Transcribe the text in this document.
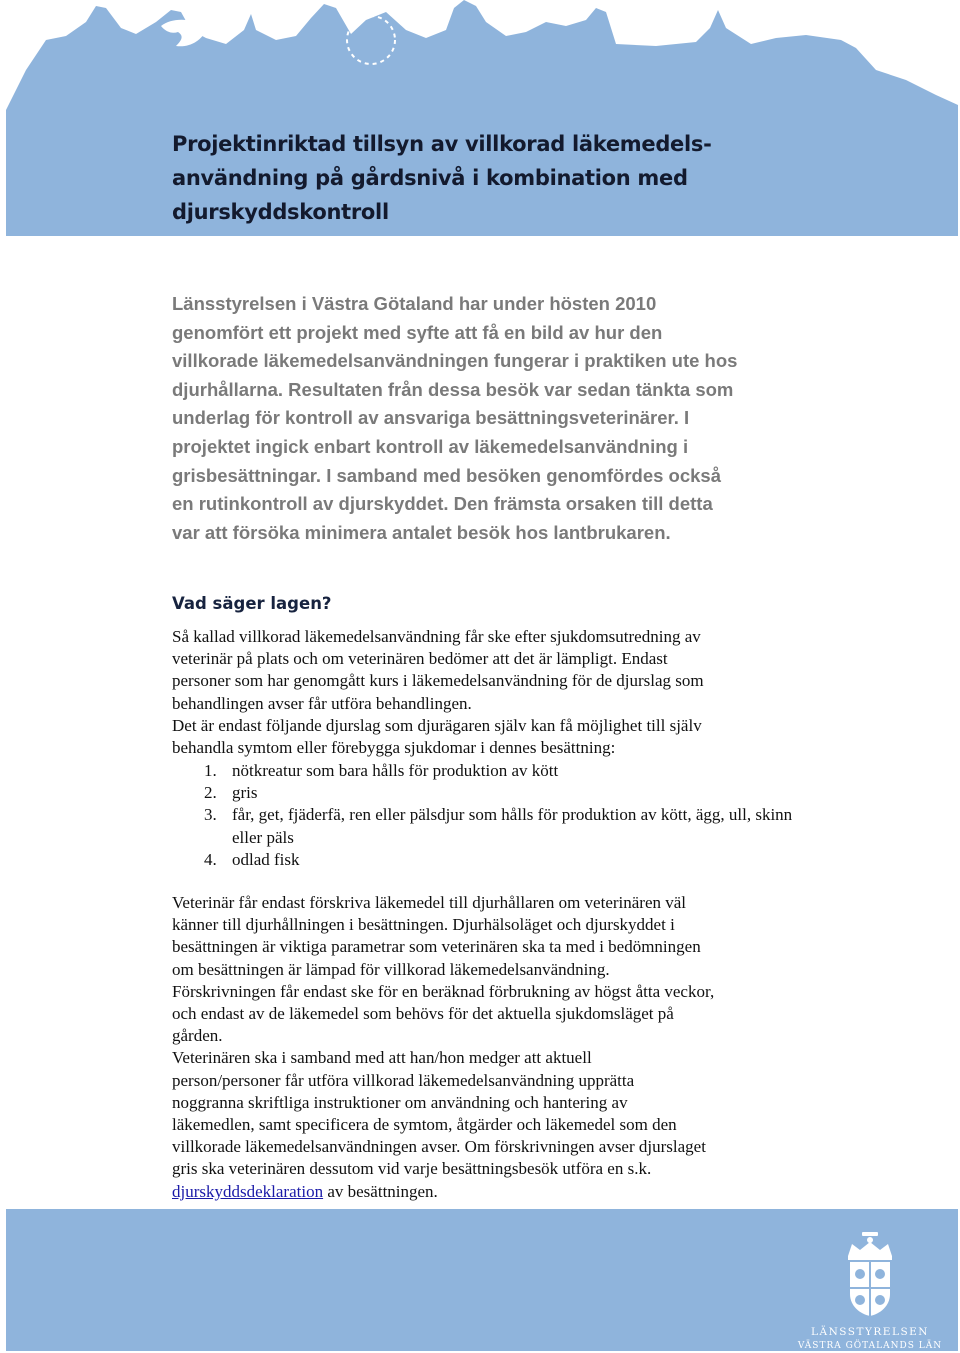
Projektinriktad tillsyn av villkorad läkemedels-
användning på gårdsnivå i kombination med
djurskyddskontroll
Länsstyrelsen i Västra Götaland har under hösten 2010
genomfört ett projekt med syfte att få en bild av hur den
villkorade läkemedelsanvändningen fungerar i praktiken ute hos
djurhållarna. Resultaten från dessa besök var sedan tänkta som
underlag för kontroll av ansvariga besättningsveterinärer. I
projektet ingick enbart kontroll av läkemedelsanvändning i
grisbesättningar. I samband med besöken genomfördes också
en rutinkontroll av djurskyddet. Den främsta orsaken till detta
var att försöka minimera antalet besök hos lantbrukaren.
Vad säger lagen?
Så kallad villkorad läkemedelsanvändning får ske efter sjukdomsutredning av
veterinär på plats och om veterinären bedömer att det är lämpligt. Endast
personer som har genomgått kurs i läkemedelsanvändning för de djurslag som
behandlingen avser får utföra behandlingen.
Det är endast följande djurslag som djurägaren själv kan få möjlighet till själv
behandla symtom eller förebygga sjukdomar i dennes besättning:
1. nötkreatur som bara hålls för produktion av kött
2. gris
3. får, get, fjäderfä, ren eller pälsdjur som hålls för produktion av kött, ägg, ull, skinn
eller päls
4. odlad fisk
Veterinär får endast förskriva läkemedel till djurhållaren om veterinären väl
känner till djurhållningen i besättningen. Djurhälsoläget och djurskyddet i
besättningen är viktiga parametrar som veterinären ska ta med i bedömningen
om besättningen är lämpad för villkorad läkemedelsanvändning.
Förskrivningen får endast ske för en beräknad förbrukning av högst åtta veckor,
och endast av de läkemedel som behövs för det aktuella sjukdomsläget på
gården.
Veterinären ska i samband med att han/hon medger att aktuell
person/personer får utföra villkorad läkemedelsanvändning upprätta
noggranna skriftliga instruktioner om användning och hantering av
läkemedlen, samt specificera de symtom, åtgärder och läkemedel som den
villkorade läkemedelsanvändningen avser. Om förskrivningen avser djurslaget
gris ska veterinären dessutom vid varje besättningsbesök utföra en s.k.
djurskyddsdeklaration av besättningen.
LÄNSSTYRELSEN
VÄSTRA GÖTALANDS LÄN
